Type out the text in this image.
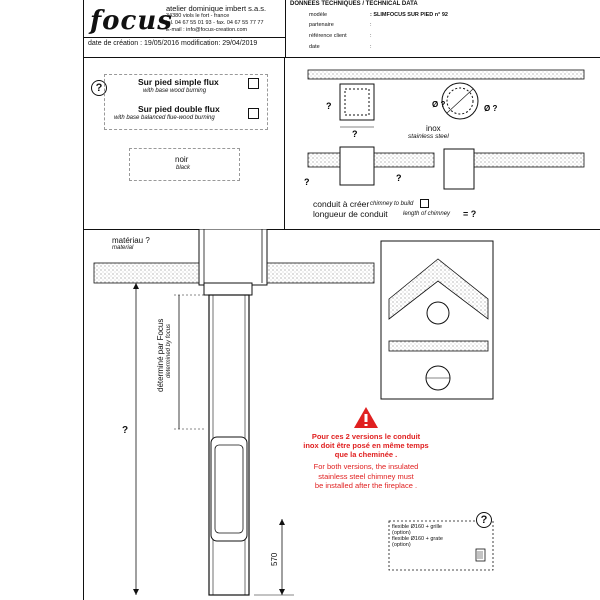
focus
atelier dominique imbert s.a.s.
34380 viols le fort - france
tel. 04 67 55 01 93 - fax. 04 67 55 77 77
E-mail : info@focus-creation.com
date de création : 19/05/2016 modification: 29/04/2019
DONNEES TECHNIQUES / TECHNICAL DATA
modèle	: SLIMFOCUS SUR PIED n° 92
partenaire	:
référence client	:
date	:
?	Sur pied simple flux
with base wood burning
Sur pied double flux
with base balanced flue-wood burning
noir
black
?
?	Ø ?	Ø ?
?	?
inox
stainless steel
conduit à créer chimney to build
longueur de conduit	length of chimney = ?
matériau ?
material
déterminé par Focus determined by focus
?
570
Pour ces 2 versions le conduit
inox doit être posé en même temps
que la cheminée .
For both versions, the insulated
stainless steel chimney must
be installed after the fireplace .
?
flexible Ø160 + grille
(option)
flexible Ø160 + grate
(option)
